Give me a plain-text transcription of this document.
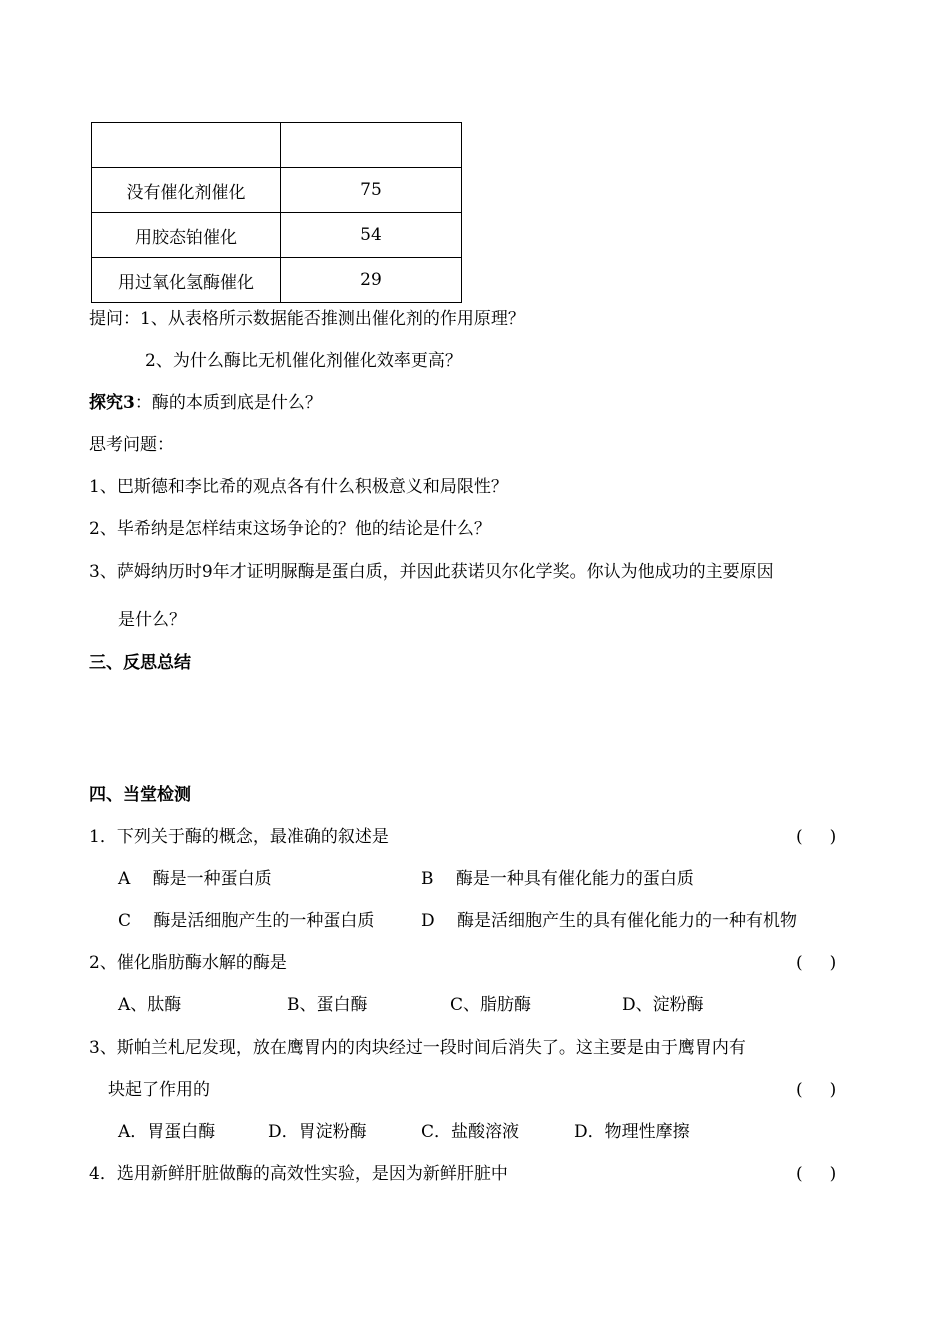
没有催化剂催化	75
用胶态铂催化	54
用过氧化氢酶催化	29
提问：1、从表格所示数据能否推测出催化剂的作用原理？
2、为什么酶比无机催化剂催化效率更高？
探究3：酶的本质到底是什么？
思考问题：
1、巴斯德和李比希的观点各有什么积极意义和局限性？
2、毕希纳是怎样结束这场争论的？他的结论是什么？
3、萨姆纳历时9年才证明脲酶是蛋白质，并因此获诺贝尔化学奖。你认为他成功的主要原因
是什么？
三、反思总结
四、当堂检测
1．下列关于酶的概念，最准确的叙述是	(     )
A　 酶是一种蛋白质	B　 酶是一种具有催化能力的蛋白质
C　 酶是活细胞产生的一种蛋白质	D　 酶是活细胞产生的具有催化能力的一种有机物
2、催化脂肪酶水解的酶是	(     )
A、肽酶	B、蛋白酶	C、脂肪酶	D、淀粉酶
3、斯帕兰札尼发现，放在鹰胃内的肉块经过一段时间后消失了。这主要是由于鹰胃内有
块起了作用的	(     )
A．胃蛋白酶	D．胃淀粉酶	C．盐酸溶液	D．物理性摩擦
4．选用新鲜肝脏做酶的高效性实验，是因为新鲜肝脏中	(     )
